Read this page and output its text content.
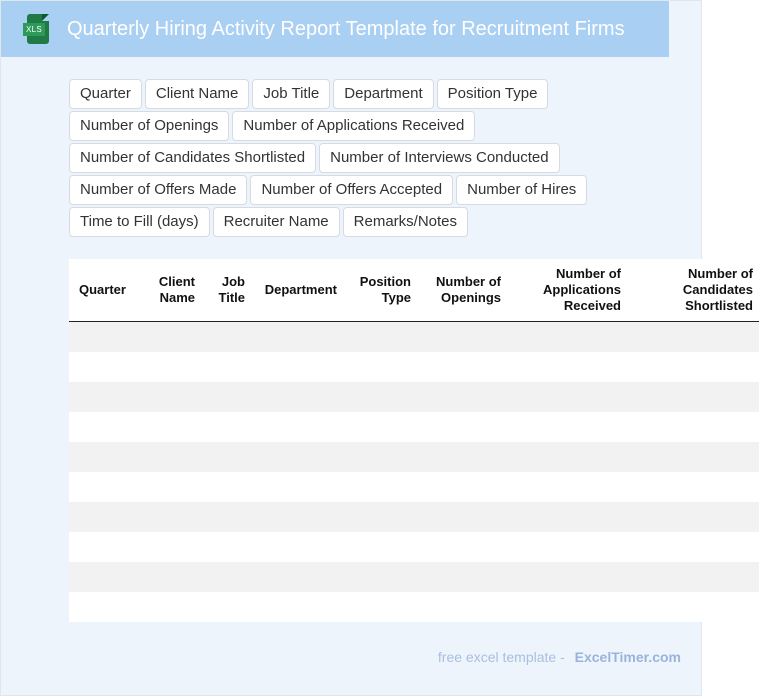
XLS Quarterly Hiring Activity Report Template for Recruitment Firms
Quarter	Client Name	Job Title	Department	Position Type
Number of Openings	Number of Applications Received
Number of Candidates Shortlisted	Number of Interviews Conducted
Number of Offers Made	Number of Offers Accepted	Number of Hires
Time to Fill (days)	Recruiter Name	Remarks/Notes
Quarter	Client Name	Job Title	Department	Position Type	Number of Openings	Number of Applications Received	Number of Candidates Shortlisted

free excel template - ExcelTimer.com
